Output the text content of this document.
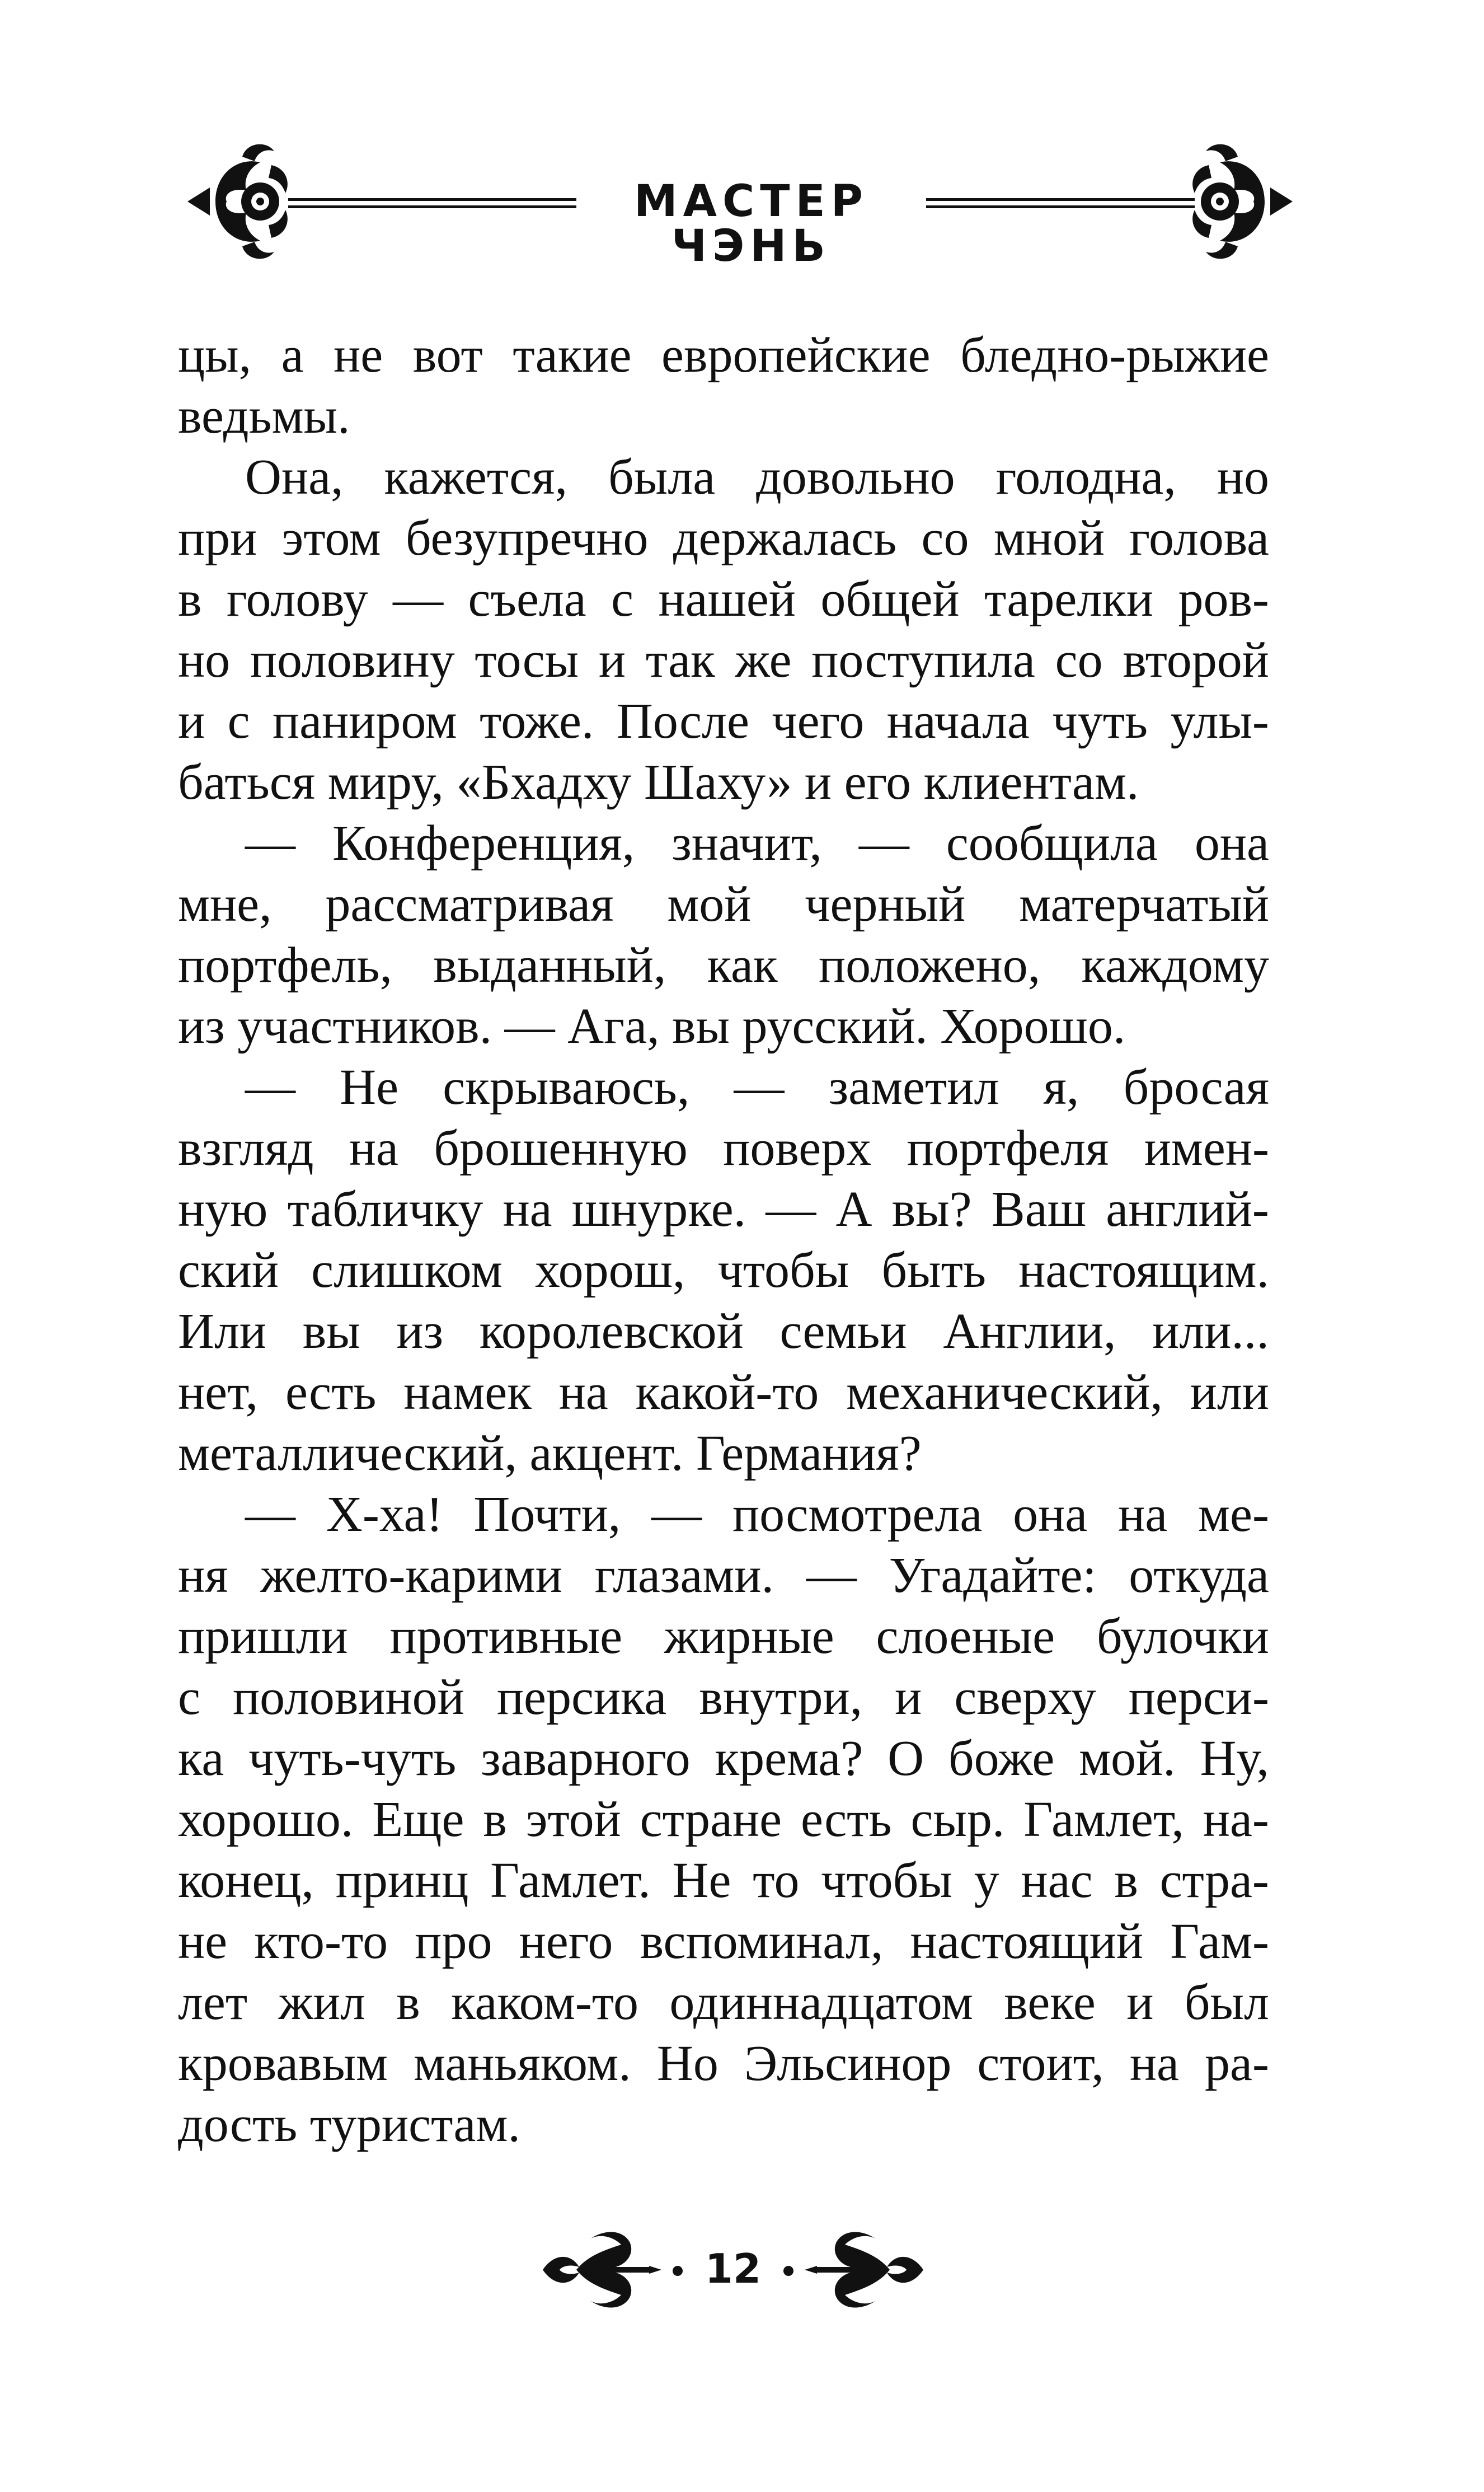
МАСТЕР ЧЭНЬ
цы, а не вот такие европейские бледно-рыжие
ведьмы.
Она, кажется, была довольно голодна, но
при этом безупречно держалась со мной голова
в голову — съела с нашей общей тарелки ров-
но половину тосы и так же поступила со второй
и с паниром тоже. После чего начала чуть улы-
баться миру, «Бхадху Шаху» и его клиентам.
— Конференция, значит, — сообщила она
мне, рассматривая мой черный матерчатый
портфель, выданный, как положено, каждому
из участников. — Ага, вы русский. Хорошо.
— Не скрываюсь, — заметил я, бросая
взгляд на брошенную поверх портфеля имен-
ную табличку на шнурке. — А вы? Ваш англий-
ский слишком хорош, чтобы быть настоящим.
Или вы из королевской семьи Англии, или...
нет, есть намек на какой-то механический, или
металлический, акцент. Германия?
— Х-ха! Почти, — посмотрела она на ме-
ня желто-карими глазами. — Угадайте: откуда
пришли противные жирные слоеные булочки
с половиной персика внутри, и сверху перси-
ка чуть-чуть заварного крема? О боже мой. Ну,
хорошо. Еще в этой стране есть сыр. Гамлет, на-
конец, принц Гамлет. Не то чтобы у нас в стра-
не кто-то про него вспоминал, настоящий Гам-
лет жил в каком-то одиннадцатом веке и был
кровавым маньяком. Но Эльсинор стоит, на ра-
дость туристам.
12
